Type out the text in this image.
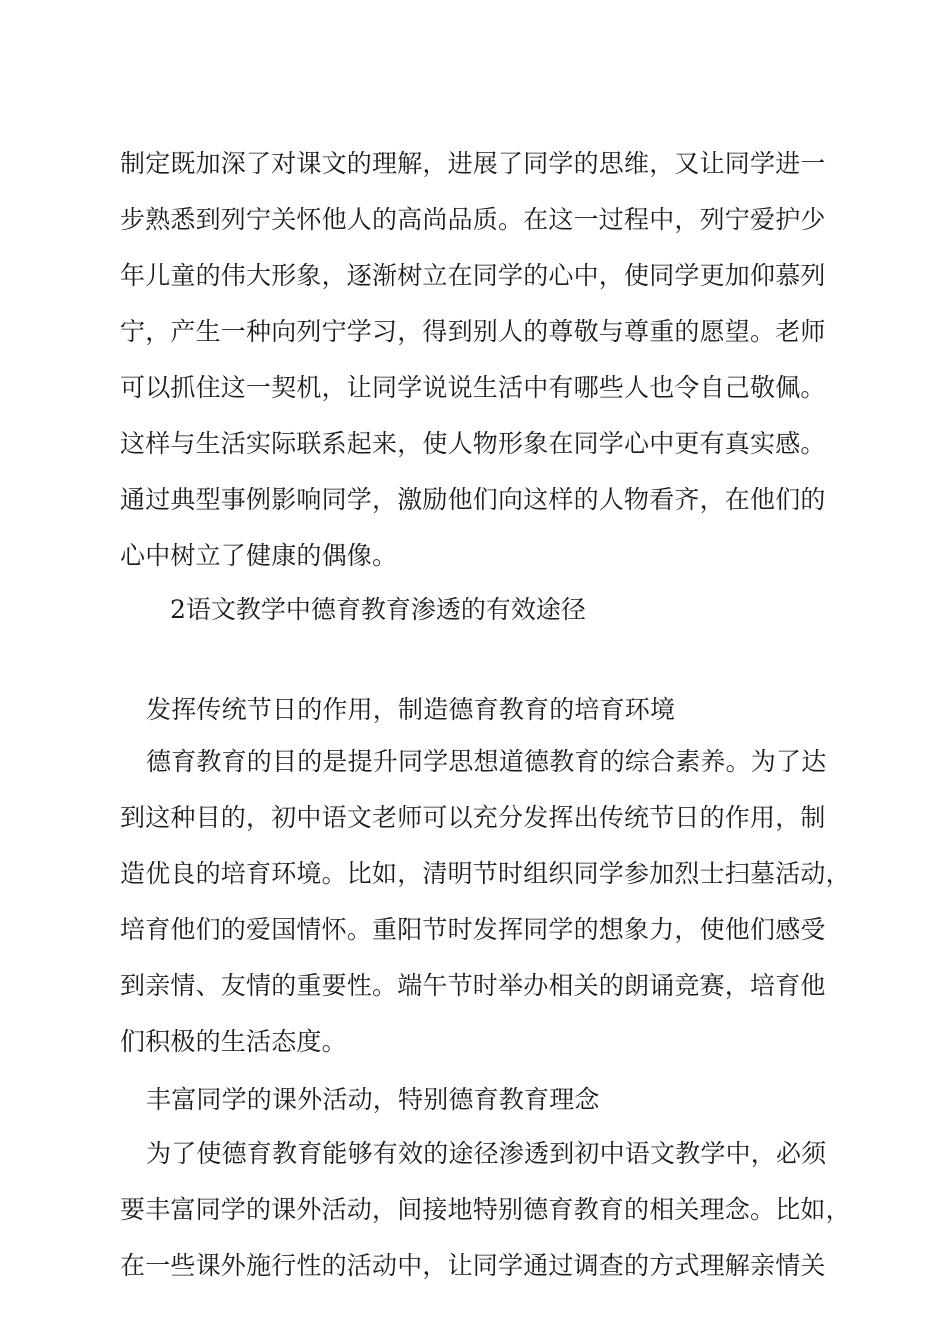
制定既加深了对课文的理解，进展了同学的思维，又让同学进一
步熟悉到列宁关怀他人的高尚品质。在这一过程中，列宁爱护少
年儿童的伟大形象，逐渐树立在同学的心中，使同学更加仰慕列
宁，产生一种向列宁学习，得到别人的尊敬与尊重的愿望。老师
可以抓住这一契机，让同学说说生活中有哪些人也令自己敬佩。
这样与生活实际联系起来，使人物形象在同学心中更有真实感。
通过典型事例影响同学，激励他们向这样的人物看齐，在他们的
心中树立了健康的偶像。
2语文教学中德育教育渗透的有效途径
发挥传统节日的作用，制造德育教育的培育环境
德育教育的目的是提升同学思想道德教育的综合素养。为了达
到这种目的，初中语文老师可以充分发挥出传统节日的作用，制
造优良的培育环境。比如，清明节时组织同学参加烈士扫墓活动，
培育他们的爱国情怀。重阳节时发挥同学的想象力，使他们感受
到亲情、友情的重要性。端午节时举办相关的朗诵竞赛，培育他
们积极的生活态度。
丰富同学的课外活动，特别德育教育理念
为了使德育教育能够有效的途径渗透到初中语文教学中，必须
要丰富同学的课外活动，间接地特别德育教育的相关理念。比如，
在一些课外施行性的活动中，让同学通过调查的方式理解亲情关
